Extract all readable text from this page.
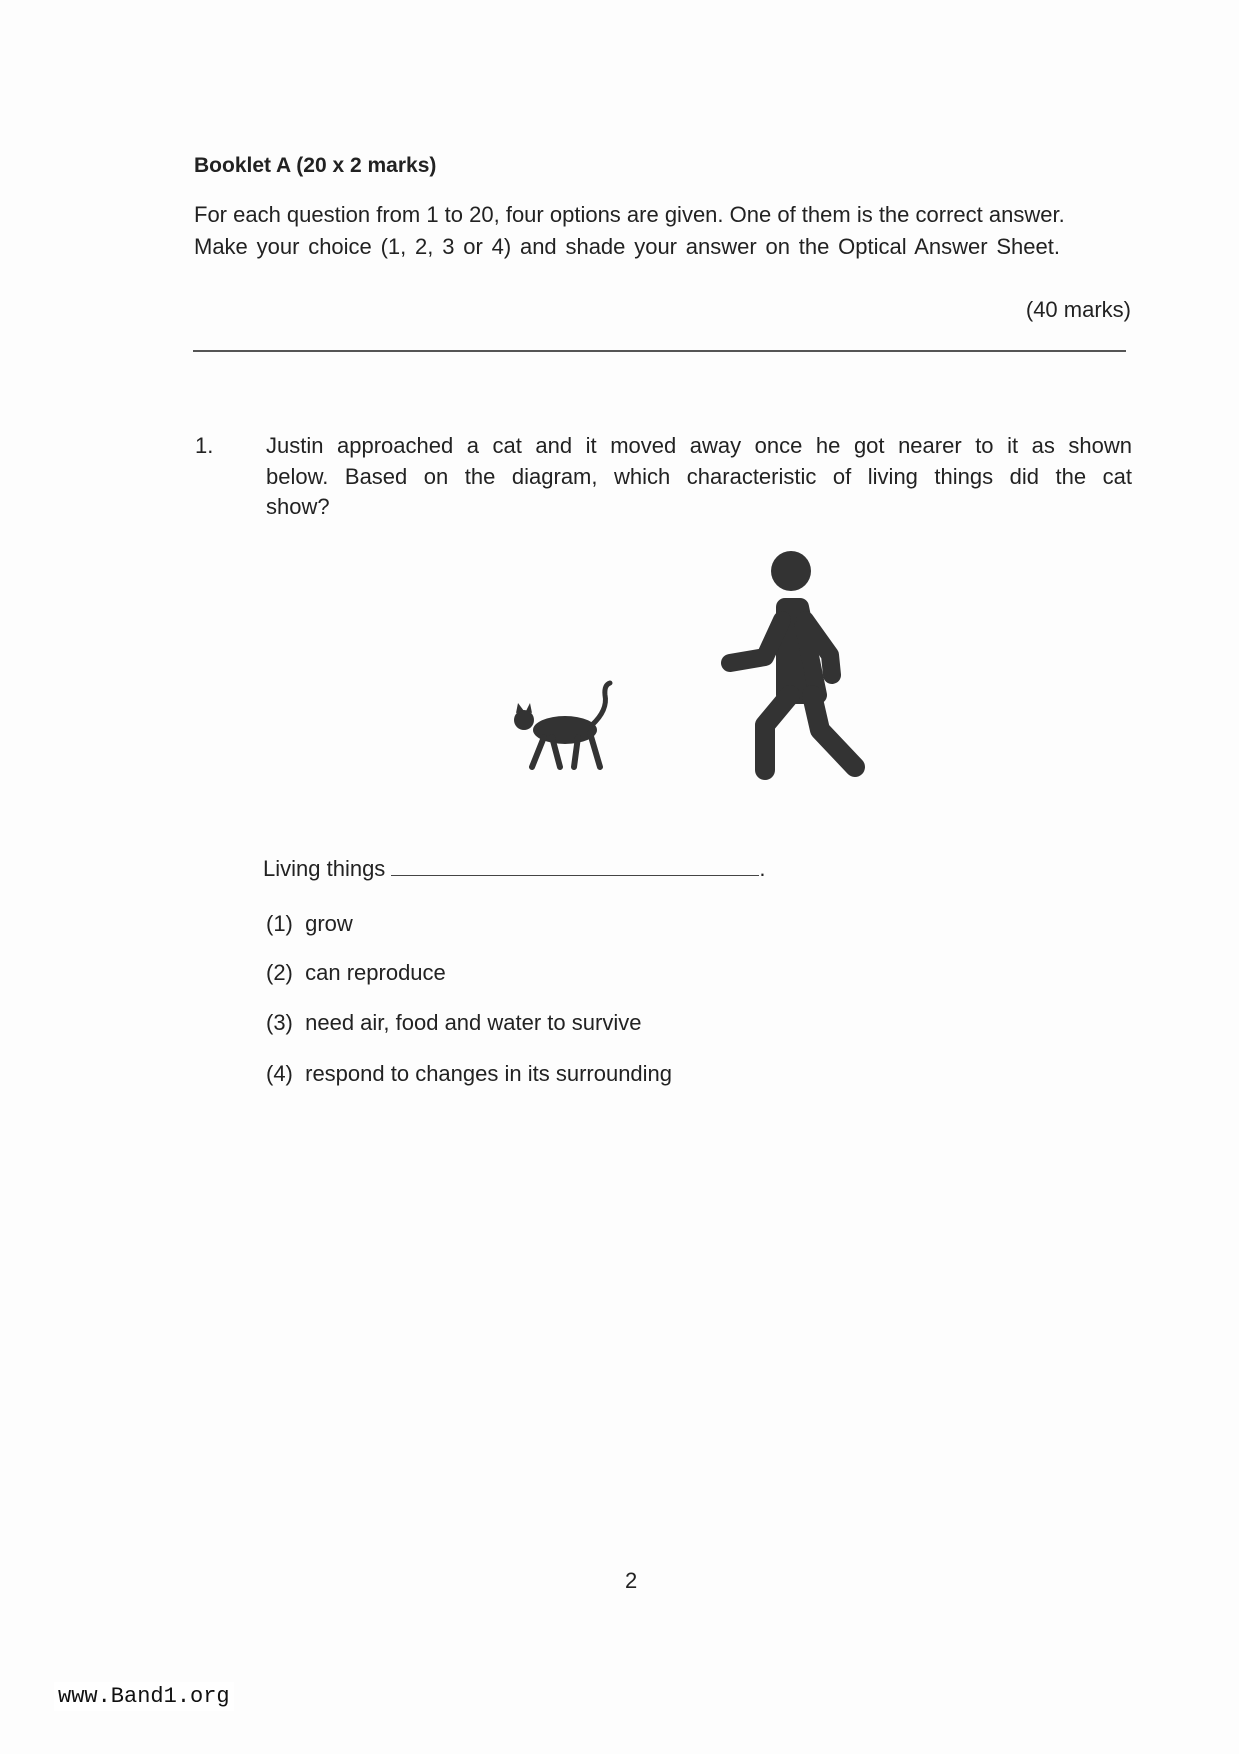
Booklet A (20 x 2 marks)
For each question from 1 to 20, four options are given. One of them is the correct answer.
Make your choice (1, 2, 3 or 4) and shade your answer on the Optical Answer Sheet.
(40 marks)
1. Justin approached a cat and it moved away once he got nearer to it as shown
below. Based on the diagram, which characteristic of living things did the cat
show?
Living things	.
(1) grow
(2) can reproduce
(3) need air, food and water to survive
(4) respond to changes in its surrounding
2
www.Band1.org
